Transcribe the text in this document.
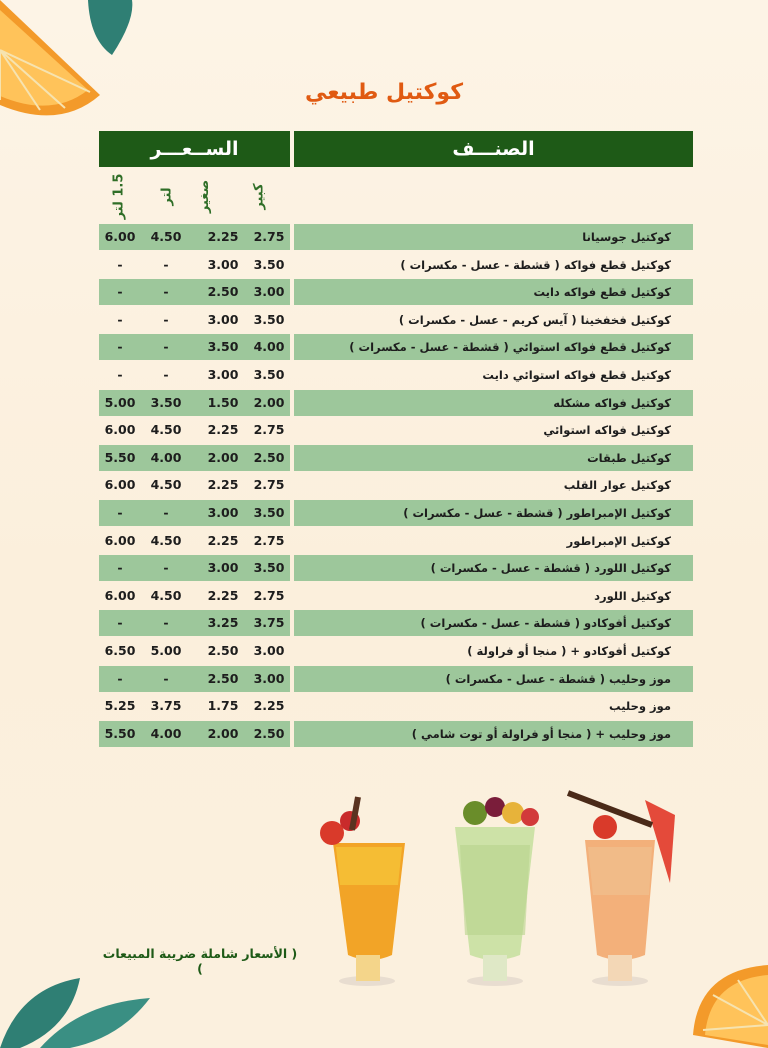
كوكتيل طبيعي
الصنـــف
الســعـــر
كبير
صغير
لتر
1.5 لتر
كوكتيل جوسيانا
2.75
2.25
4.50
6.00
كوكتيل قطع فواكه ( قشطة - عسل - مكسرات )
3.50
3.00
-
-
كوكتيل قطع فواكه دايت
3.00
2.50
-
-
كوكتيل فخفخينا ( آيس كريم - عسل - مكسرات )
3.50
3.00
-
-
كوكتيل قطع فواكه استوائي ( قشطة - عسل - مكسرات )
4.00
3.50
-
-
كوكتيل قطع فواكه استوائي دايت
3.50
3.00
-
-
كوكتيل فواكه مشكله
2.00
1.50
3.50
5.00
كوكتيل فواكه استوائي
2.75
2.25
4.50
6.00
كوكتيل طبقات
2.50
2.00
4.00
5.50
كوكتيل عوار القلب
2.75
2.25
4.50
6.00
كوكتيل الإمبراطور ( قشطة - عسل - مكسرات )
3.50
3.00
-
-
كوكتيل الإمبراطور
2.75
2.25
4.50
6.00
كوكتيل اللورد ( قشطة - عسل - مكسرات )
3.50
3.00
-
-
كوكتيل اللورد
2.75
2.25
4.50
6.00
كوكتيل أفوكادو ( قشطة - عسل - مكسرات )
3.75
3.25
-
-
كوكتيل أفوكادو + ( منجا أو فراولة )
3.00
2.50
5.00
6.50
موز وحليب ( قشطة - عسل - مكسرات )
3.00
2.50
-
-
موز وحليب
2.25
1.75
3.75
5.25
موز وحليب + ( منجا أو فراولة أو توت شامي )
2.50
2.00
4.00
5.50
( الأسعار شاملة ضريبة المبيعات )
